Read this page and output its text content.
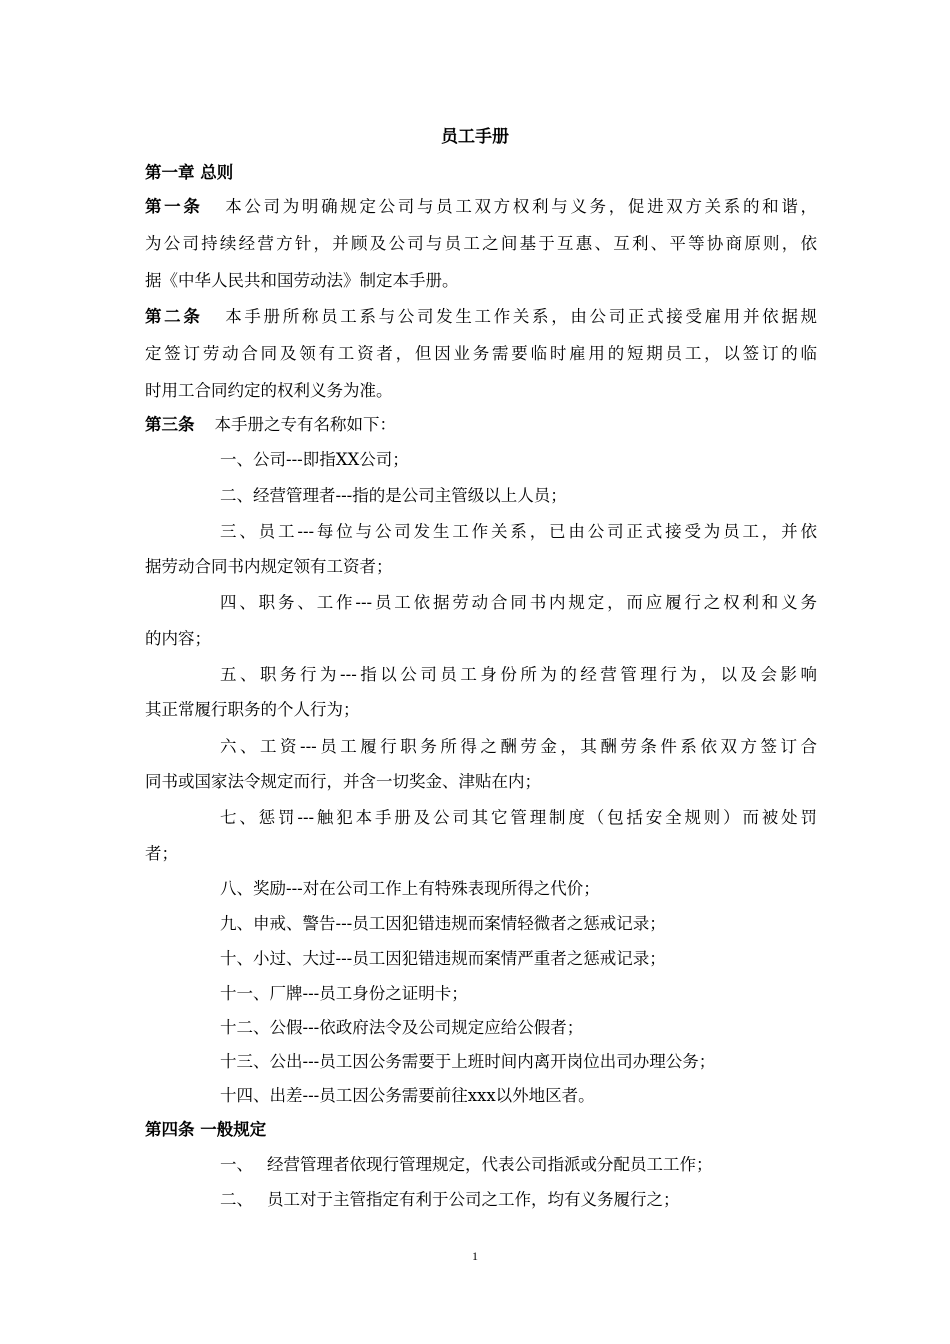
员工手册
第一章 总则
第一条 本公司为明确规定公司与员工双方权利与义务，促进双方关系的和谐，
为公司持续经营方针，并顾及公司与员工之间基于互惠、互利、平等协商原则，依
据《中华人民共和国劳动法》制定本手册。
第二条 本手册所称员工系与公司发生工作关系，由公司正式接受雇用并依据规
定签订劳动合同及领有工资者，但因业务需要临时雇用的短期员工，以签订的临
时用工合同约定的权利义务为准。
第三条 本手册之专有名称如下：
一、公司---即指XX公司；
二、经营管理者---指的是公司主管级以上人员；
三、员工---每位与公司发生工作关系，已由公司正式接受为员工，并依
据劳动合同书内规定领有工资者；
四、职务、工作---员工依据劳动合同书内规定，而应履行之权利和义务
的内容；
五、职务行为---指以公司员工身份所为的经营管理行为，以及会影响
其正常履行职务的个人行为；
六、工资---员工履行职务所得之酬劳金，其酬劳条件系依双方签订合
同书或国家法令规定而行，并含一切奖金、津贴在内；
七、惩罚---触犯本手册及公司其它管理制度（包括安全规则）而被处罚
者；
八、奖励---对在公司工作上有特殊表现所得之代价；
九、申戒、警告---员工因犯错违规而案情轻微者之惩戒记录；
十、小过、大过---员工因犯错违规而案情严重者之惩戒记录；
十一、厂牌---员工身份之证明卡；
十二、公假---依政府法令及公司规定应给公假者；
十三、公出---员工因公务需要于上班时间内离开岗位出司办理公务；
十四、出差---员工因公务需要前往xxx以外地区者。
第四条 一般规定
一、 经营管理者依现行管理规定，代表公司指派或分配员工工作；
二、 员工对于主管指定有利于公司之工作，均有义务履行之；
1
